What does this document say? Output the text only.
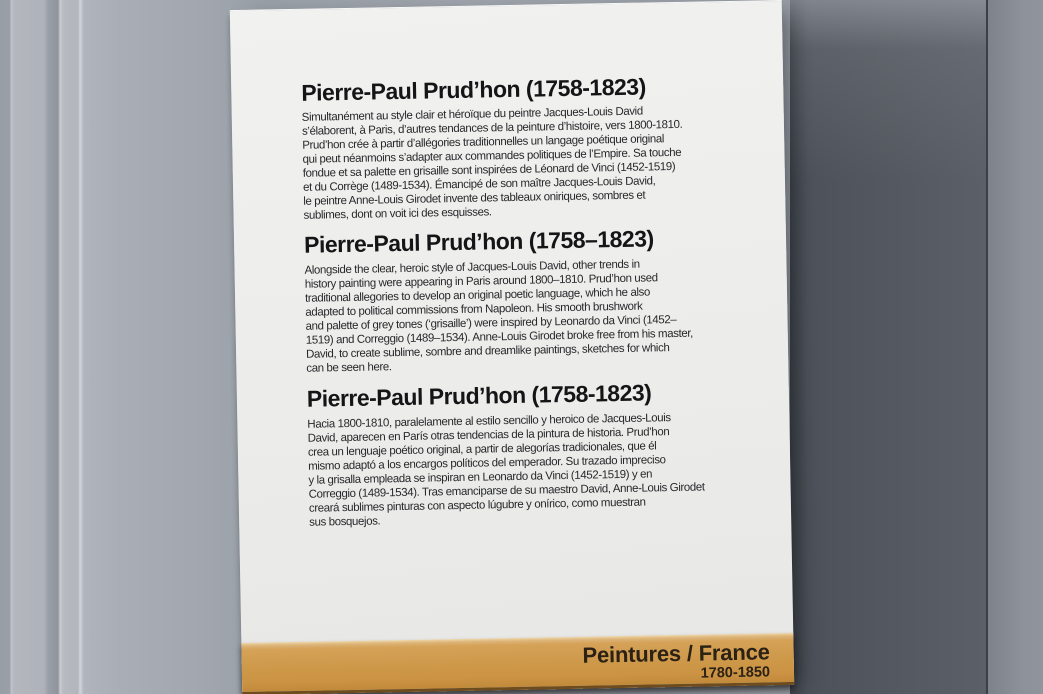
Pierre-Paul Prud’hon (1758-1823)

Simultanément au style clair et héroïque du peintre Jacques-Louis David
s’élaborent, à Paris, d’autres tendances de la peinture d’histoire, vers 1800-1810.
Prud’hon crée à partir d’allégories traditionnelles un langage poétique original
qui peut néanmoins s’adapter aux commandes politiques de l’Empire. Sa touche
fondue et sa palette en grisaille sont inspirées de Léonard de Vinci (1452-1519)
et du Corrège (1489-1534). Émancipé de son maître Jacques-Louis David,
le peintre Anne-Louis Girodet invente des tableaux oniriques, sombres et
sublimes, dont on voit ici des esquisses.

Pierre-Paul Prud’hon (1758–1823)

Alongside the clear, heroic style of Jacques-Louis David, other trends in
history painting were appearing in Paris around 1800–1810. Prud’hon used
traditional allegories to develop an original poetic language, which he also
adapted to political commissions from Napoleon. His smooth brushwork
and palette of grey tones (‘grisaille’) were inspired by Leonardo da Vinci (1452–
1519) and Correggio (1489–1534). Anne-Louis Girodet broke free from his master,
David, to create sublime, sombre and dreamlike paintings, sketches for which
can be seen here.

Pierre-Paul Prud’hon (1758-1823)

Hacia 1800-1810, paralelamente al estilo sencillo y heroico de Jacques-Louis
David, aparecen en París otras tendencias de la pintura de historia. Prud’hon
crea un lenguaje poético original, a partir de alegorías tradicionales, que él
mismo adaptó a los encargos políticos del emperador. Su trazado impreciso
y la grisalla empleada se inspiran en Leonardo da Vinci (1452-1519) y en
Correggio (1489-1534). Tras emanciparse de su maestro David, Anne-Louis Girodet
creará sublimes pinturas con aspecto lúgubre y onírico, como muestran
sus bosquejos.

Peintures / France

1780-1850
